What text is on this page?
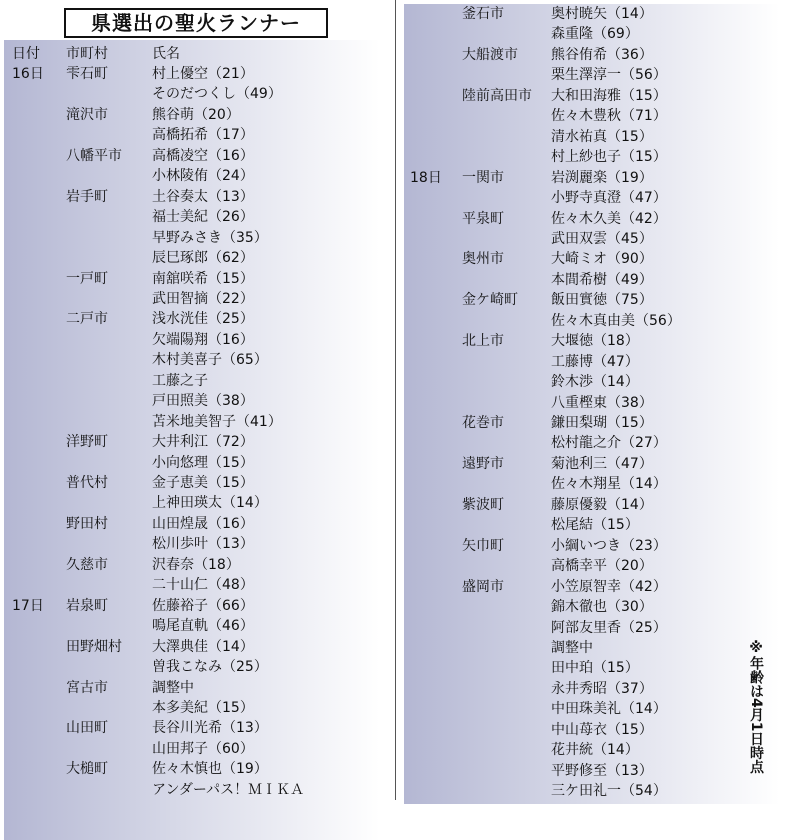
県選出の聖火ランナー
日付 市町村	氏名
16日 雫石町	村上優空（21）
そのだつくし（49）
滝沢市	熊谷萌（20）
高橋拓希（17）
八幡平市 高橋凌空（16）
小林陵侑（24）
岩手町	土谷奏太（13）
福士美紀（26）
早野みさき（35）
辰巳琢郎（62）
一戸町	南舘咲希（15）
武田智摘（22）
二戸市	浅水洸佳（25）
欠端陽翔（16）
木村美喜子（65）
工藤之子
戸田照美（38）
苫米地美智子（41）
洋野町	大井利江（72）
小向悠理（15）
普代村	金子恵美（15）
上神田瑛太（14）
野田村	山田煌晟（16）
松川歩叶（13）
久慈市	沢春奈（18）
二十山仁（48）
17日 岩泉町	佐藤裕子（66）
鳴尾直軌（46）
田野畑村 大澤典佳（14）
曽我こなみ（25）
宮古市	調整中
本多美紀（15）
山田町	長谷川光希（13）
山田邦子（60）
大槌町	佐々木慎也（19）
アンダーパス！ＭＩＫＡ
釜石市	奥村暁矢（14）
森重隆（69）
大船渡市 熊谷侑希（36）
栗生澤淳一（56）
陸前高田市 大和田海雅（15）
佐々木豊秋（71）
清水祐真（15）
村上紗也子（15）
18日 一関市	岩渕麗楽（19）
小野寺真澄（47）
平泉町	佐々木久美（42）
武田双雲（45）
奥州市	大崎ミオ（90）
本間希樹（49）
金ケ崎町 飯田實徳（75）
佐々木真由美（56）
北上市	大堰徳（18）
工藤博（47）
鈴木渉（14）
八重樫東（38）
花巻市	鎌田梨瑚（15）
松村龍之介（27）
遠野市	菊池利三（47）
佐々木翔星（14）
紫波町	藤原優毅（14）
松尾結（15）
矢巾町	小綱いつき（23）
高橋幸平（20）
盛岡市	小笠原智幸（42）
錦木徹也（30）
阿部友里香（25）
調整中
田中珀（15）
永井秀昭（37）
中田珠美礼（14）
中山苺衣（15）
花井統（14）
平野修至（13）
三ケ田礼一（54）
※年齢は4月1日時点
